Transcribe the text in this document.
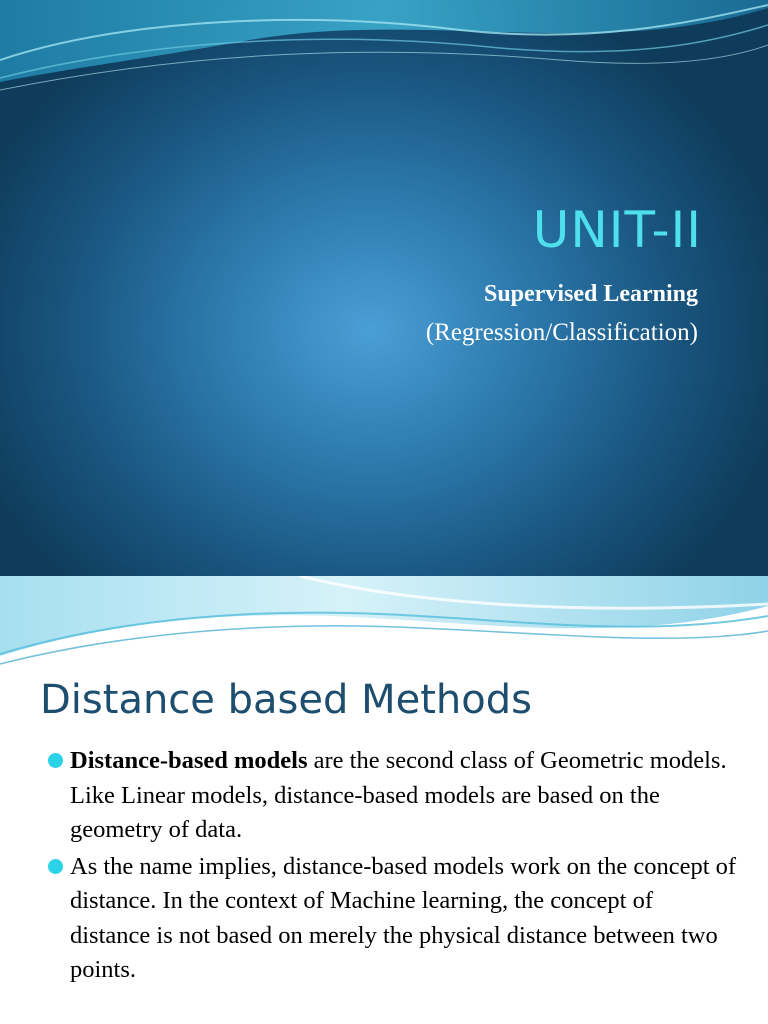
UNIT-II
Supervised Learning
(Regression/Classification)
Distance based Methods
Distance-based models are the second class of Geometric models. Like Linear models, distance-based models are based on the geometry of data.
As the name implies, distance-based models work on the concept of distance. In the context of Machine learning, the concept of distance is not based on merely the physical distance between two points.
